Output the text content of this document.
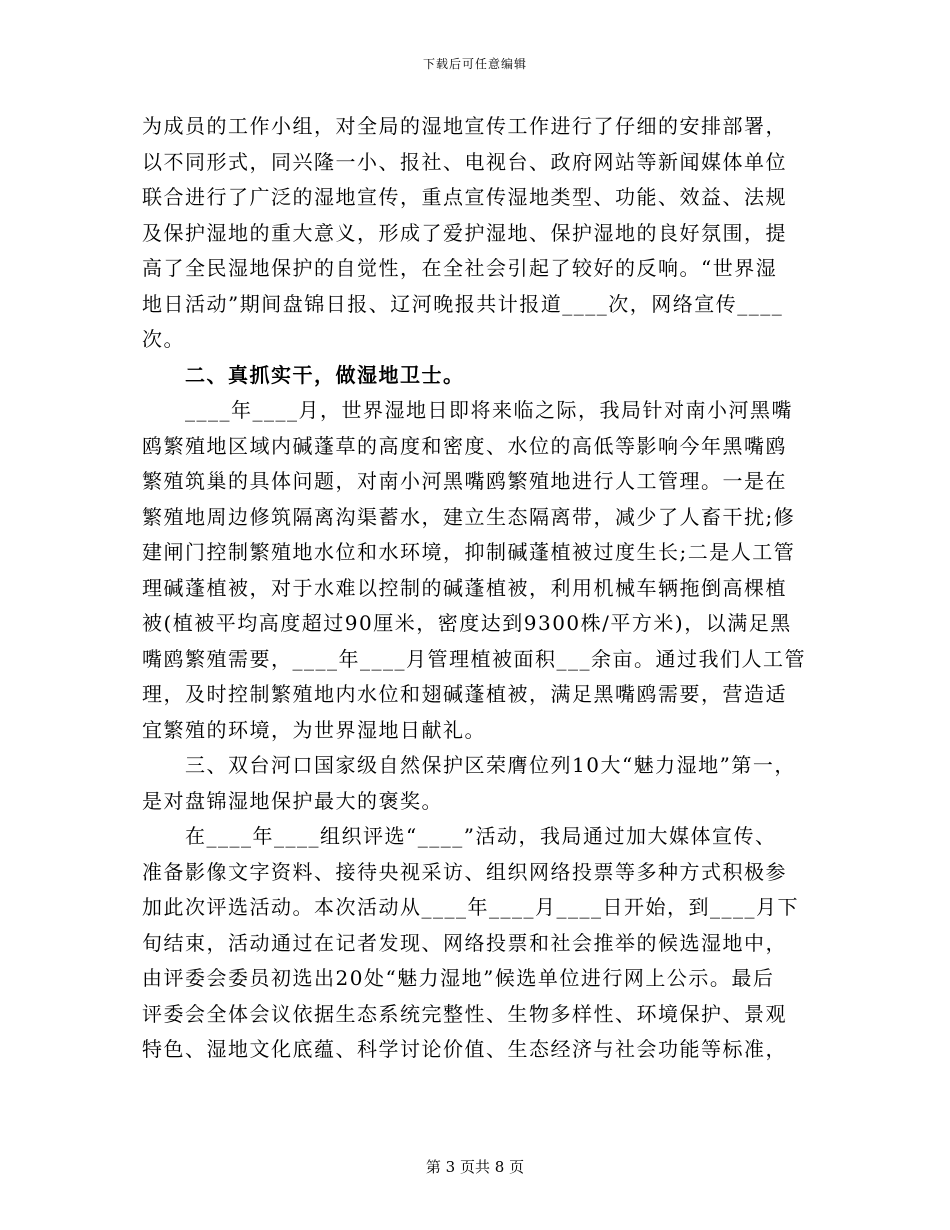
下载后可任意编辑
为成员的工作小组，对全局的湿地宣传工作进行了仔细的安排部署，
以不同形式，同兴隆一小、报社、电视台、政府网站等新闻媒体单位
联合进行了广泛的湿地宣传，重点宣传湿地类型、功能、效益、法规
及保护湿地的重大意义，形成了爱护湿地、保护湿地的良好氛围，提
高了全民湿地保护的自觉性，在全社会引起了较好的反响。“世界湿
地日活动”期间盘锦日报、辽河晚报共计报道____次，网络宣传____
次。
二、真抓实干，做湿地卫士。
____年____月，世界湿地日即将来临之际，我局针对南小河黑嘴
鸥繁殖地区域内碱蓬草的高度和密度、水位的高低等影响今年黑嘴鸥
繁殖筑巢的具体问题，对南小河黑嘴鸥繁殖地进行人工管理。一是在
繁殖地周边修筑隔离沟渠蓄水，建立生态隔离带，减少了人畜干扰;修
建闸门控制繁殖地水位和水环境，抑制碱蓬植被过度生长;二是人工管
理碱蓬植被，对于水难以控制的碱蓬植被，利用机械车辆拖倒高棵植
被(植被平均高度超过90厘米，密度达到9300株/平方米)，以满足黑
嘴鸥繁殖需要，____年____月管理植被面积___余亩。通过我们人工管
理，及时控制繁殖地内水位和翅碱蓬植被，满足黑嘴鸥需要，营造适
宜繁殖的环境，为世界湿地日献礼。
三、双台河口国家级自然保护区荣膺位列10大“魅力湿地”第一，
是对盘锦湿地保护最大的褒奖。
在____年____组织评选“____”活动，我局通过加大媒体宣传、
准备影像文字资料、接待央视采访、组织网络投票等多种方式积极参
加此次评选活动。本次活动从____年____月____日开始，到____月下
旬结束，活动通过在记者发现、网络投票和社会推举的候选湿地中，
由评委会委员初选出20处“魅力湿地”候选单位进行网上公示。最后
评委会全体会议依据生态系统完整性、生物多样性、环境保护、景观
特色、湿地文化底蕴、科学讨论价值、生态经济与社会功能等标准，
第 3 页共 8 页
